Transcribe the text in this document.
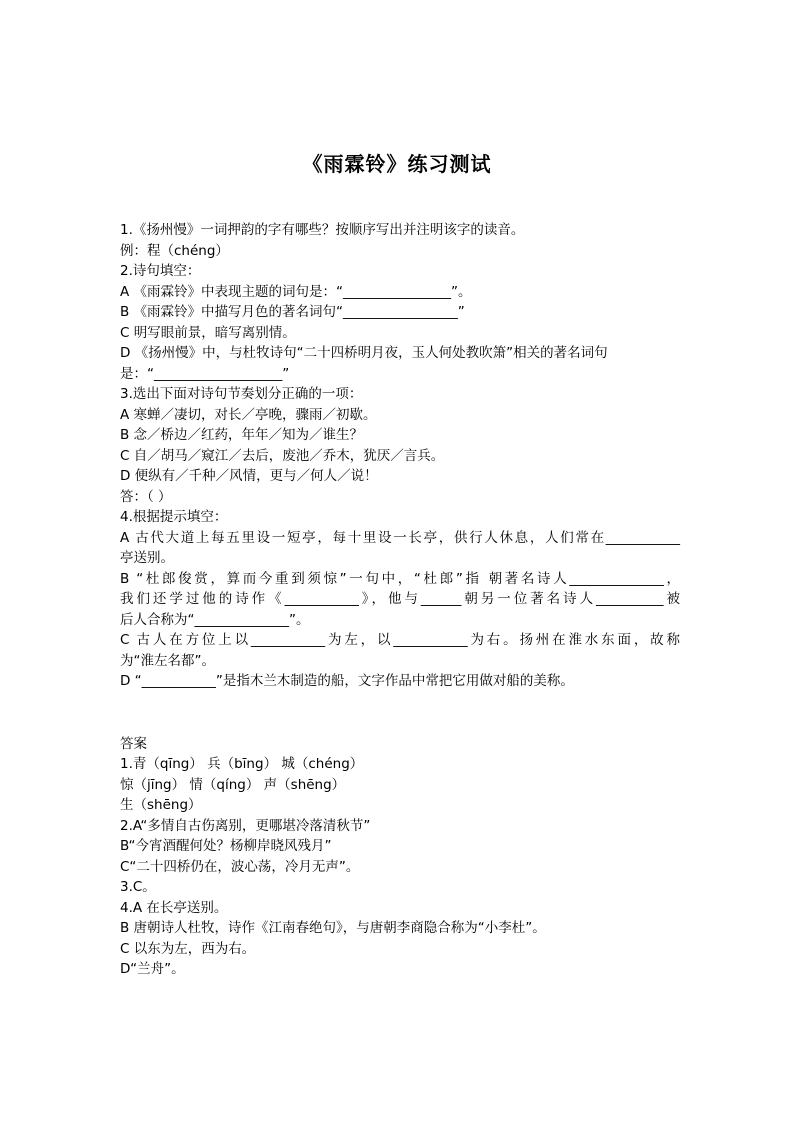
《雨霖铃》练习测试
1.《扬州慢》一词押韵的字有哪些？按顺序写出并注明该字的读音。
例：程（chéng）
2.诗句填空：
A 《雨霖铃》中表现主题的词句是：“________________”。
B 《雨霖铃》中描写月色的著名词句“_________________”
C 明写眼前景，暗写离别情。
D 《扬州慢》中，与杜牧诗句“二十四桥明月夜，玉人何处教吹箫”相关的著名词句是：“___________________”
3.选出下面对诗句节奏划分正确的一项：
A 寒蝉／凄切，对长／亭晚，骤雨／初歇。
B 念／桥边／红药，年年／知为／谁生？
C 自／胡马／窥江／去后，废池／乔木，犹厌／言兵。
D 便纵有／千种／风情，更与／何人／说！
答：（ ）
4.根据提示填空：
A 古代大道上每五里设一短亭，每十里设一长亭，供行人休息，人们常在___________
亭送别。
B “杜郎俊赏，算而今重到须惊”一句中，“杜郎”指 朝著名诗人______________，
我们还学过他的诗作《___________》，他与______朝另一位著名诗人__________被
后人合称为“______________”。
C 古人在方位上以___________为左，以___________为右。扬州在淮水东面，故称
为“淮左名都”。
D “___________”是指木兰木制造的船，文字作品中常把它用做对船的美称。
答案
1.青（qīng） 兵（bīng） 城（chéng）
惊（jīng） 情（qíng） 声（shēng）
生（shēng）
2.A“多情自古伤离别，更哪堪冷落清秋节”
B“今宵酒醒何处？杨柳岸晓风残月”
C“二十四桥仍在，波心荡，冷月无声”。
3.C。
4.A 在长亭送别。
B 唐朝诗人杜牧，诗作《江南春绝句》，与唐朝李商隐合称为“小李杜”。
C 以东为左，西为右。
D“兰舟”。
